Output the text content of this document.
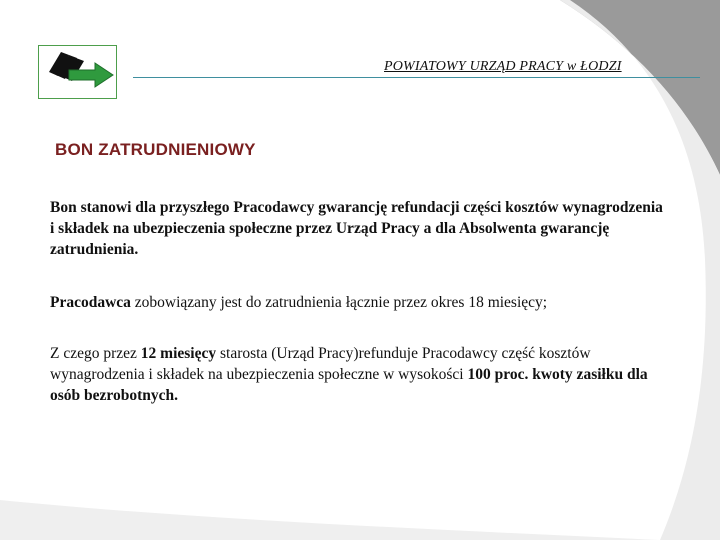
POWIATOWY URZĄD PRACY w ŁODZI
BON ZATRUDNIENIOWY
Bon stanowi dla przyszłego Pracodawcy gwarancję refundacji części kosztów wynagrodzenia i składek na ubezpieczenia społeczne przez Urząd Pracy a dla Absolwenta gwarancję zatrudnienia.
Pracodawca zobowiązany jest do zatrudnienia łącznie przez okres 18 miesięcy;
Z czego przez 12 miesięcy starosta (Urząd Pracy)refunduje Pracodawcy część kosztów wynagrodzenia i składek na ubezpieczenia społeczne w wysokości 100 proc. kwoty zasiłku dla osób bezrobotnych.
